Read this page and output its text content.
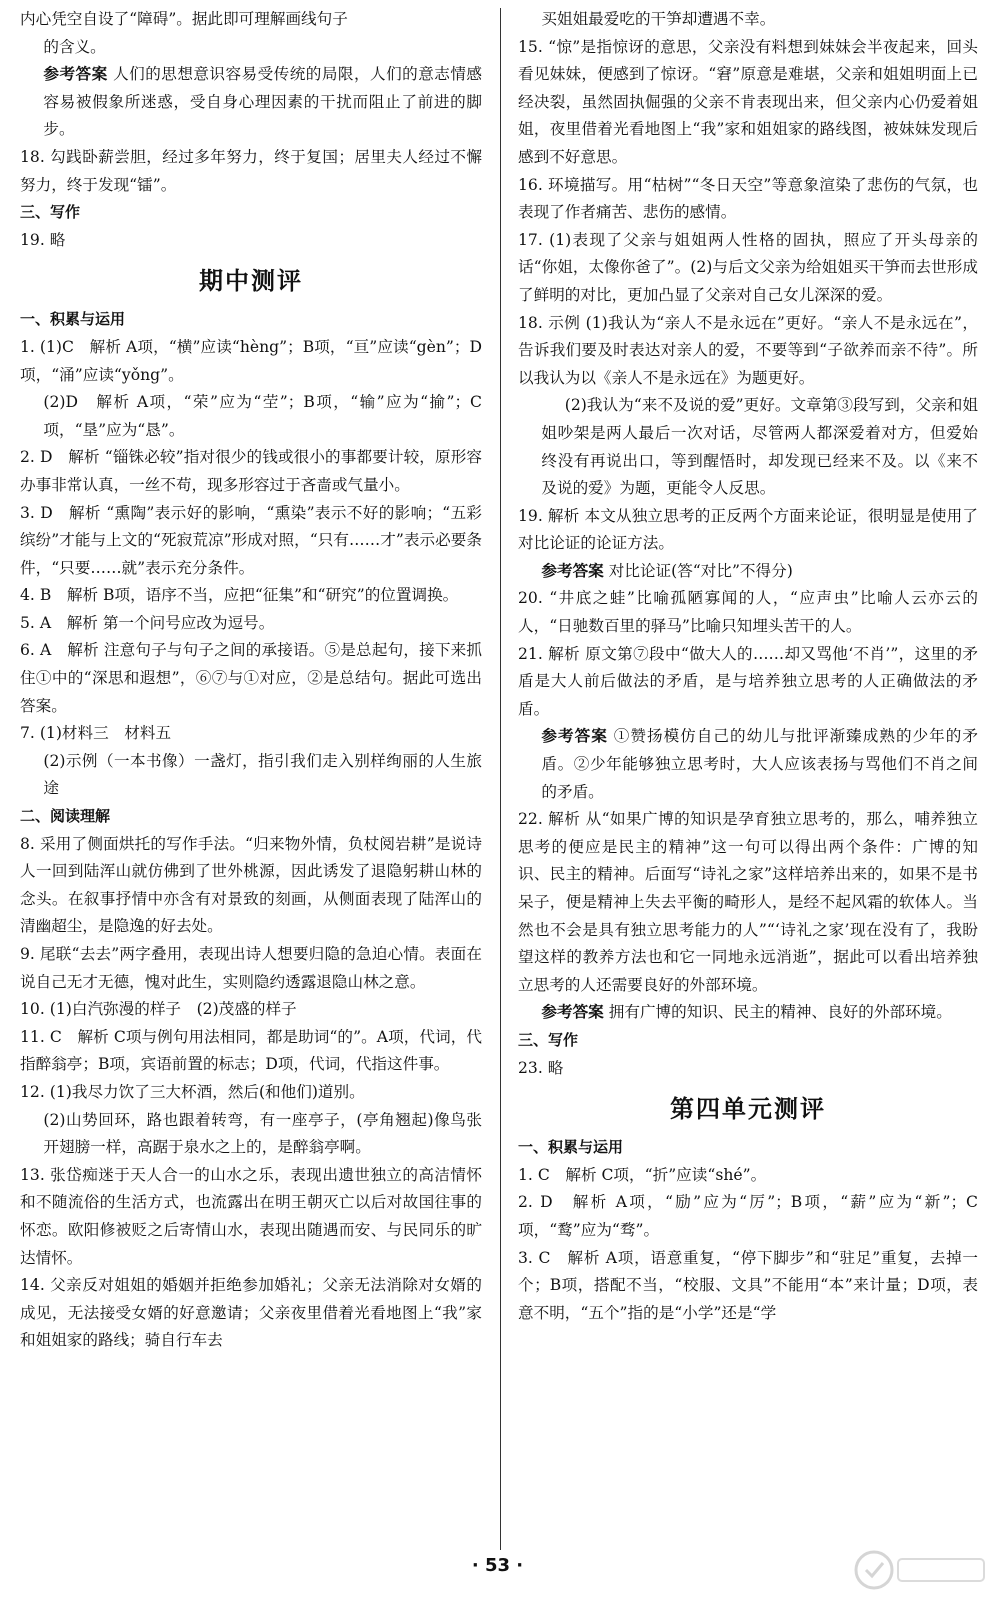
内心凭空自设了“障碍”。据此即可理解画线句子

的含义。

参考答案 人们的思想意识容易受传统的局限，人们的意志情感容易被假象所迷惑，受自身心理因素的干扰而阻止了前进的脚步。

18. 勾践卧薪尝胆，经过多年努力，终于复国；居里夫人经过不懈努力，终于发现“镭”。

三、写作

19. 略

期中测评

一、积累与运用

1. (1)C　解析 A项，“横”应读“hèng”；B项，“亘”应读“gèn”；D项，“涌”应读“yǒng”。

(2)D　解析 A项，“荣”应为“茔”；B项，“输”应为“揄”；C项，“垦”应为“恳”。

2. D　解析 “锱铢必较”指对很少的钱或很小的事都要计较，原形容办事非常认真，一丝不苟，现多形容过于吝啬或气量小。

3. D　解析 “熏陶”表示好的影响，“熏染”表示不好的影响；“五彩缤纷”才能与上文的“死寂荒凉”形成对照，“只有……才”表示必要条件，“只要……就”表示充分条件。

4. B　解析 B项，语序不当，应把“征集”和“研究”的位置调换。

5. A　解析 第一个问号应改为逗号。

6. A　解析 注意句子与句子之间的承接语。⑤是总起句，接下来抓住①中的“深思和遐想”，⑥⑦与①对应，②是总结句。据此可选出答案。

7. (1)材料三　材料五

(2)示例（一本书像）一盏灯，指引我们走入别样绚丽的人生旅途

二、阅读理解

8. 采用了侧面烘托的写作手法。“归来物外情，负杖阅岩耕”是说诗人一回到陆浑山就仿佛到了世外桃源，因此诱发了退隐躬耕山林的念头。在叙事抒情中亦含有对景致的刻画，从侧面表现了陆浑山的清幽超尘，是隐逸的好去处。

9. 尾联“去去”两字叠用，表现出诗人想要归隐的急迫心情。表面在说自己无才无德，愧对此生，实则隐约透露退隐山林之意。

10. (1)白汽弥漫的样子　(2)茂盛的样子

11. C　解析 C项与例句用法相同，都是助词“的”。A项，代词，代指醉翁亭；B项，宾语前置的标志；D项，代词，代指这件事。

12. (1)我尽力饮了三大杯酒，然后(和他们)道别。

(2)山势回环，路也跟着转弯，有一座亭子，(亭角翘起)像鸟张开翅膀一样，高踞于泉水之上的，是醉翁亭啊。

13. 张岱痴迷于天人合一的山水之乐，表现出遗世独立的高洁情怀和不随流俗的生活方式，也流露出在明王朝灭亡以后对故国往事的怀恋。欧阳修被贬之后寄情山水，表现出随遇而安、与民同乐的旷达情怀。

14. 父亲反对姐姐的婚姻并拒绝参加婚礼；父亲无法消除对女婿的成见，无法接受女婿的好意邀请；父亲夜里借着光看地图上“我”家和姐姐家的路线；骑自行车去

买姐姐最爱吃的干笋却遭遇不幸。

15. “惊”是指惊讶的意思，父亲没有料想到妹妹会半夜起来，回头看见妹妹，便感到了惊讶。“窘”原意是难堪，父亲和姐姐明面上已经决裂，虽然固执倔强的父亲不肯表现出来，但父亲内心仍爱着姐姐，夜里借着光看地图上“我”家和姐姐家的路线图，被妹妹发现后感到不好意思。

16. 环境描写。用“枯树”“冬日天空”等意象渲染了悲伤的气氛，也表现了作者痛苦、悲伤的感情。

17. (1)表现了父亲与姐姐两人性格的固执，照应了开头母亲的话“你姐，太像你爸了”。(2)与后文父亲为给姐姐买干笋而去世形成了鲜明的对比，更加凸显了父亲对自己女儿深深的爱。

18. 示例 (1)我认为“亲人不是永远在”更好。“亲人不是永远在”，告诉我们要及时表达对亲人的爱，不要等到“子欲养而亲不待”。所以我认为以《亲人不是永远在》为题更好。

(2)我认为“来不及说的爱”更好。文章第③段写到，父亲和姐姐吵架是两人最后一次对话，尽管两人都深爱着对方，但爱始终没有再说出口，等到醒悟时，却发现已经来不及。以《来不及说的爱》为题，更能令人反思。

19. 解析 本文从独立思考的正反两个方面来论证，很明显是使用了对比论证的论证方法。

参考答案 对比论证(答“对比”不得分)

20. “井底之蛙”比喻孤陋寡闻的人，“应声虫”比喻人云亦云的人，“日驰数百里的驿马”比喻只知埋头苦干的人。

21. 解析 原文第⑦段中“做大人的……却又骂他‘不肖’”，这里的矛盾是大人前后做法的矛盾，是与培养独立思考的人正确做法的矛盾。

参考答案 ①赞扬模仿自己的幼儿与批评渐臻成熟的少年的矛盾。②少年能够独立思考时，大人应该表扬与骂他们不肖之间的矛盾。

22. 解析 从“如果广博的知识是孕育独立思考的，那么，哺养独立思考的便应是民主的精神”这一句可以得出两个条件：广博的知识、民主的精神。后面写“诗礼之家”这样培养出来的，如果不是书呆子，便是精神上失去平衡的畸形人，是经不起风霜的软体人。当然也不会是具有独立思考能力的人”“‘诗礼之家’现在没有了，我盼望这样的教养方法也和它一同地永远消逝”，据此可以看出培养独立思考的人还需要良好的外部环境。

参考答案 拥有广博的知识、民主的精神、良好的外部环境。

三、写作

23. 略

第四单元测评

一、积累与运用

1. C　解析 C项，“折”应读“shé”。

2. D　解析 A项，“励”应为“厉”；B项，“薪”应为“新”；C项，“鹜”应为“骛”。

3. C　解析 A项，语意重复，“停下脚步”和“驻足”重复，去掉一个；B项，搭配不当，“校服、文具”不能用“本”来计量；D项，表意不明，“五个”指的是“小学”还是“学

· 53 ·
